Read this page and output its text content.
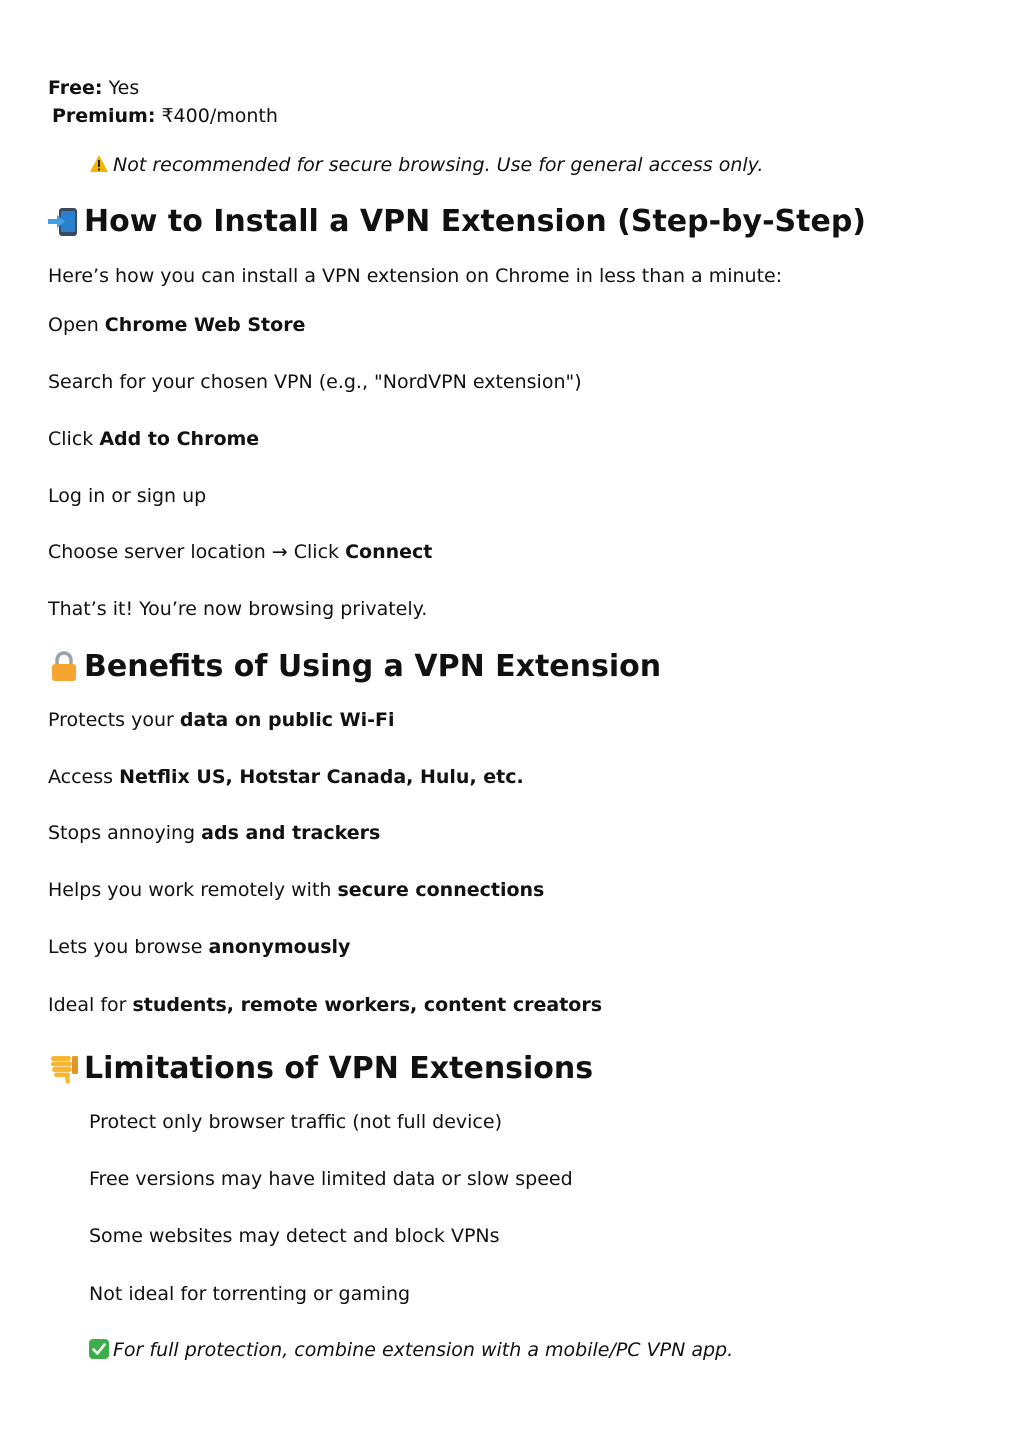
Free: Yes
Premium: ₹400/month
Not recommended for secure browsing. Use for general access only.
How to Install a VPN Extension (Step-by-Step)
Here’s how you can install a VPN extension on Chrome in less than a minute:
Open Chrome Web Store
Search for your chosen VPN (e.g., "NordVPN extension")
Click Add to Chrome
Log in or sign up
Choose server location → Click Connect
That’s it! You’re now browsing privately.
Benefits of Using a VPN Extension
Protects your data on public Wi-Fi
Access Netflix US, Hotstar Canada, Hulu, etc.
Stops annoying ads and trackers
Helps you work remotely with secure connections
Lets you browse anonymously
Ideal for students, remote workers, content creators
Limitations of VPN Extensions
Protect only browser traffic (not full device)
Free versions may have limited data or slow speed
Some websites may detect and block VPNs
Not ideal for torrenting or gaming
For full protection, combine extension with a mobile/PC VPN app.
